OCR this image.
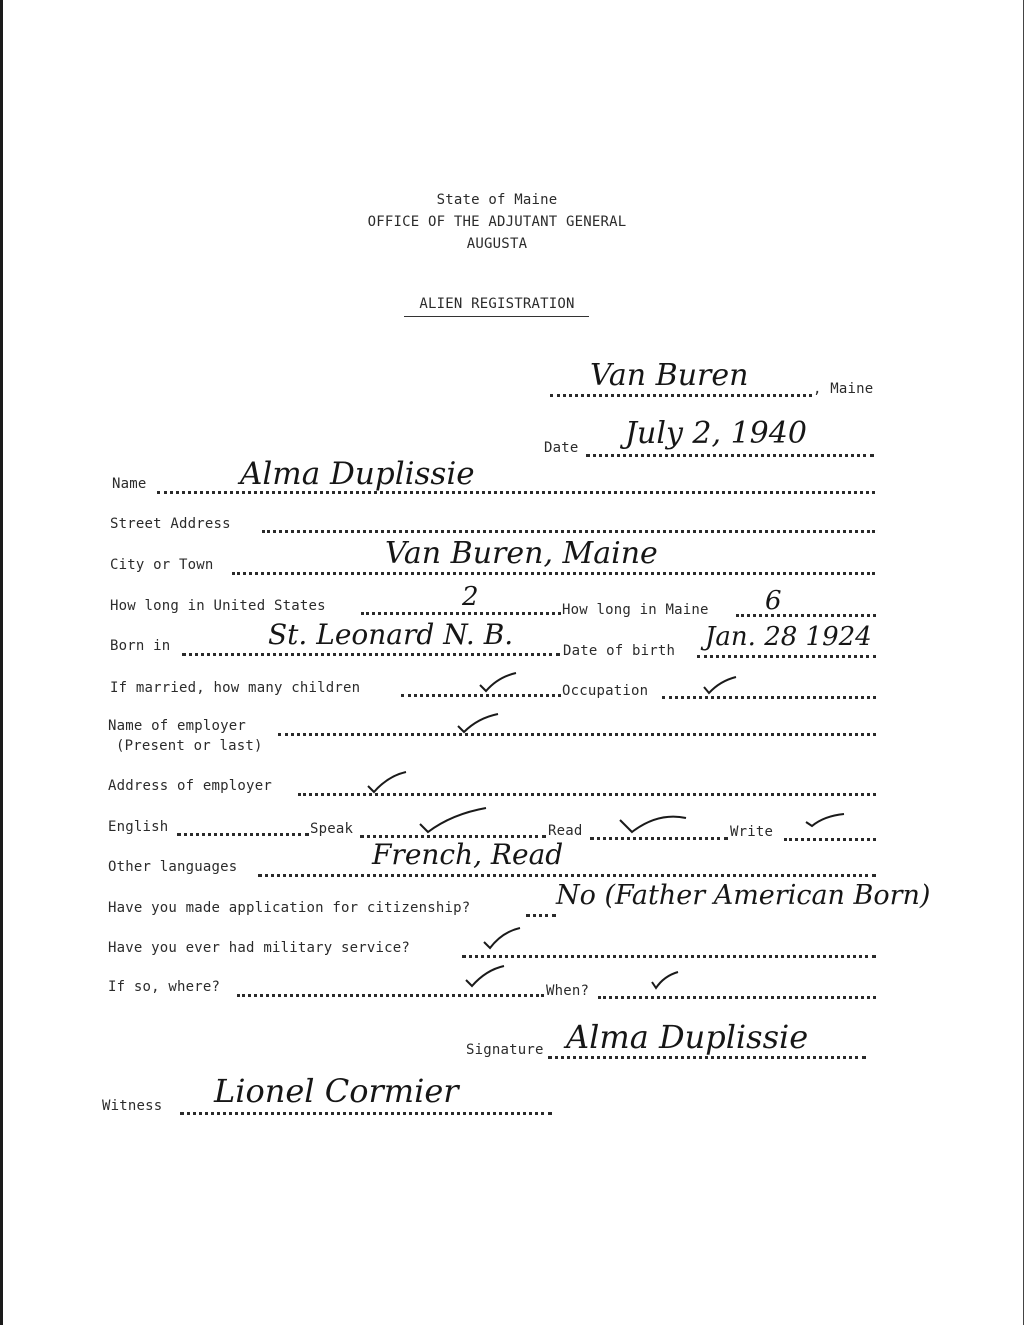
State of Maine
OFFICE OF THE ADJUTANT GENERAL
AUGUSTA
ALIEN REGISTRATION
Van Buren	, Maine
Date July 2, 1940
Name	Alma Duplissie
Street Address
City or Town	Van Buren, Maine
How long in United States	2	How long in Maine 6
Born in	St. Leonard N. B.	Date of birth Jan. 28 1924
If married, how many children	Occupation
Name of employer
(Present or last)
Address of employer
English	Speak	Read	Write
Other languages	French, Read
Have you made application for citizenship?	No (Father American Born)
Have you ever had military service?
If so, where?	When?
Signature Alma Duplissie
Witness Lionel Cormier
